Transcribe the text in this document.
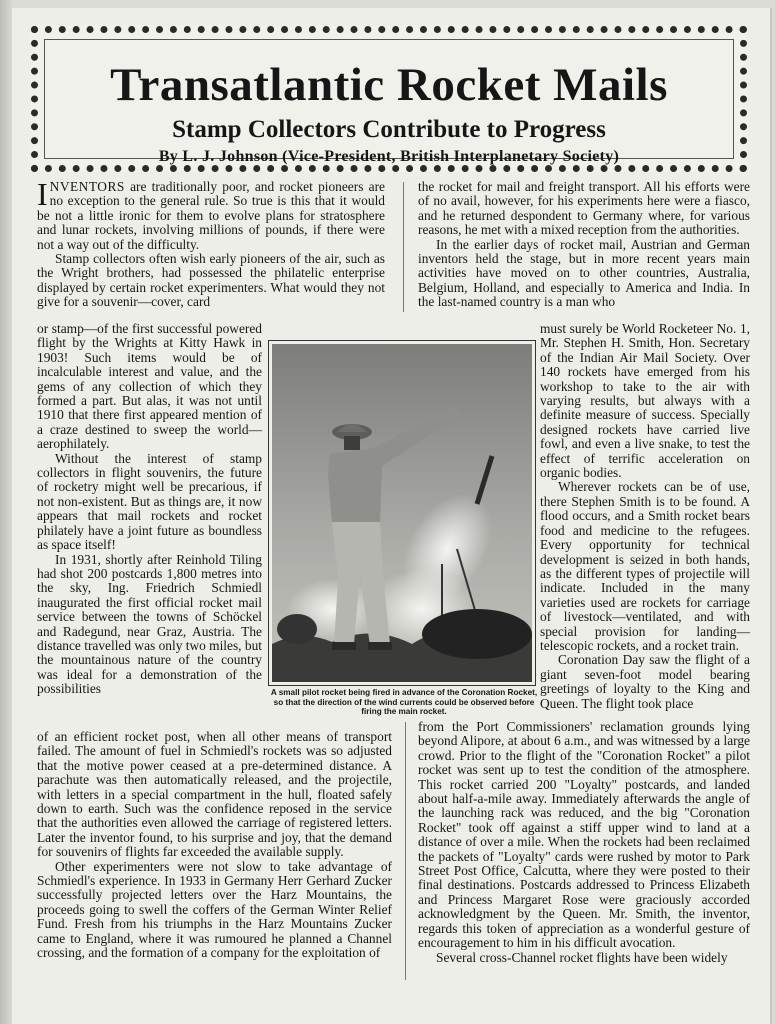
Transatlantic Rocket Mails
Stamp Collectors Contribute to Progress
By L. J. Johnson (Vice-President, British Interplanetary Society)

INVENTORS are traditionally poor, and rocket pioneers are no exception to the general rule. So true is this that it would be not a little ironic for them to evolve plans for stratosphere and lunar rockets, involving millions of pounds, if there were not a way out of the difficulty.

Stamp collectors often wish early pioneers of the air, such as the Wright brothers, had possessed the philatelic enterprise displayed by certain rocket experimenters. What would they not give for a souvenir—cover, card

or stamp—of the first successful powered flight by the Wrights at Kitty Hawk in 1903! Such items would be of incalculable interest and value, and the gems of any collection of which they formed a part. But alas, it was not until 1910 that there first appeared mention of a craze destined to sweep the world—aerophilately.

Without the interest of stamp collectors in flight souvenirs, the future of rocketry might well be precarious, if not non-existent. But as things are, it now appears that mail rockets and rocket philately have a joint future as boundless as space itself!

In 1931, shortly after Reinhold Tiling had shot 200 postcards 1,800 metres into the sky, Ing. Friedrich Schmiedl inaugurated the first official rocket mail service between the towns of Schöckel and Radegund, near Graz, Austria. The distance travelled was only two miles, but the mountainous nature of the country was ideal for a demonstration of the possibilities

of an efficient rocket post, when all other means of transport failed. The amount of fuel in Schmiedl's rockets was so adjusted that the motive power ceased at a pre-determined distance. A parachute was then automatically released, and the projectile, with letters in a special compartment in the hull, floated safely down to earth. Such was the confidence reposed in the service that the authorities even allowed the carriage of registered letters. Later the inventor found, to his surprise and joy, that the demand for souvenirs of flights far exceeded the available supply.

Other experimenters were not slow to take advantage of Schmiedl's experience. In 1933 in Germany Herr Gerhard Zucker successfully projected letters over the Harz Mountains, the proceeds going to swell the coffers of the German Winter Relief Fund. Fresh from his triumphs in the Harz Mountains Zucker came to England, where it was rumoured he planned a Channel crossing, and the formation of a company for the exploitation of

the rocket for mail and freight transport. All his efforts were of no avail, however, for his experiments here were a fiasco, and he returned despondent to Germany where, for various reasons, he met with a mixed reception from the authorities.

In the earlier days of rocket mail, Austrian and German inventors held the stage, but in more recent years main activities have moved on to other countries, Australia, Belgium, Holland, and especially to America and India. In the last-named country is a man who

must surely be World Rocketeer No. 1, Mr. Stephen H. Smith, Hon. Secretary of the Indian Air Mail Society. Over 140 rockets have emerged from his workshop to take to the air with varying results, but always with a definite measure of success. Specially designed rockets have carried live fowl, and even a live snake, to test the effect of terrific acceleration on organic bodies.

Wherever rockets can be of use, there Stephen Smith is to be found. A flood occurs, and a Smith rocket bears food and medicine to the refugees. Every opportunity for technical development is seized in both hands, as the different types of projectile will indicate. Included in the many varieties used are rockets for carriage of livestock—ventilated, and with special provision for landing—telescopic rockets, and a rocket train.

Coronation Day saw the flight of a giant seven-foot model bearing greetings of loyalty to the King and Queen. The flight took place

from the Port Commissioners' reclamation grounds lying beyond Alipore, at about 6 a.m., and was witnessed by a large crowd. Prior to the flight of the "Coronation Rocket" a pilot rocket was sent up to test the condition of the atmosphere. This rocket carried 200 "Loyalty" postcards, and landed about half-a-mile away. Immediately afterwards the angle of the launching rack was reduced, and the big "Coronation Rocket" took off against a stiff upper wind to land at a distance of over a mile. When the rockets had been reclaimed the packets of "Loyalty" cards were rushed by motor to Park Street Post Office, Calcutta, where they were posted to their final destinations. Postcards addressed to Princess Elizabeth and Princess Margaret Rose were graciously accorded acknowledgment by the Queen. Mr. Smith, the inventor, regards this token of appreciation as a wonderful gesture of encouragement to him in his difficult avocation.

Several cross-Channel rocket flights have been widely

A small pilot rocket being fired in advance of the Coronation Rocket, so that the direction of the wind currents could be observed before firing the main rocket.
